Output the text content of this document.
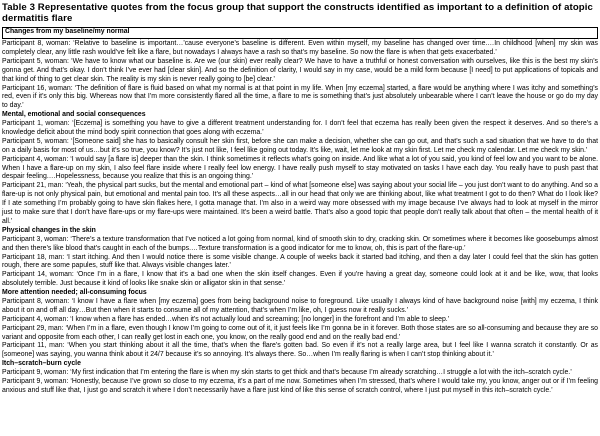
Table 3 Representative quotes from the focus group that support the constructs identified as important to a definition of atopic dermatitis flare
Changes from my baseline/my normal

Participant 8, woman: ‘Relative to baseline is important…’cause everyone’s baseline is different. Even within myself, my baseline has changed over time.…In childhood [when] my skin was completely clear, any little rash would’ve felt like a flare, but nowadays I always have a rash so that’s my baseline. So now the flare is when that gets exacerbated.’

Participant 5, woman: ‘We have to know what our baseline is. Are we (our skin) ever really clear? We have to have a truthful or honest conversation with ourselves, like this is the best my skin’s gonna get. And that’s okay. I don’t think I’ve ever had [clear skin]. And so the definition of clarity, I would say in my case, would be a mild form because [I need] to put applications of topicals and that kind of thing to get clear skin. The reality is my skin is never really going to [be] clear.’

Participant 16, woman: ‘The definition of flare is fluid based on what my normal is at that point in my life. When [my eczema] started, a flare would be anything where I was itchy and something’s red, even if it’s only this big. Whereas now that I’m more consistently flared all the time, a flare to me is something that’s just absolutely unbearable where I can’t leave the house or go do my day to day.’

Mental, emotional and social consequences

Participant 1, woman: ‘[Eczema] is something you have to give a different treatment understanding for. I don’t feel that eczema has really been given the respect it deserves. And so there’s a knowledge deficit about the mind body spirit connection that goes along with eczema.’

Participant 5, woman: ‘[Someone said] she has to basically consult her skin first, before she can make a decision, whether she can go out, and that’s such a sad situation that we have to do that on a daily basis for most of us…but it’s so true, you know? It’s just not like, I feel like going out today. It’s like, wait, let me look at my skin first. Let me check my calendar. Let me check my skin.’

Participant 4, woman: ‘I would say [a flare is] deeper than the skin. I think sometimes it reflects what’s going on inside. And like what a lot of you said, you kind of feel low and you want to be alone. When I have a flare-up on my skin, I also feel flare inside where I really feel low energy. I have really push myself to stay motivated on tasks I have each day. You really have to push past that despair feeling.…Hopelessness, because you realize that this is an ongoing thing.’

Participant 21, man: ‘Yeah, the physical part sucks, but the mental and emotional part – kind of what [someone else] was saying about your social life – you just don’t want to do anything. And so a flare-up is not only physical pain, but emotional and mental pain too. It’s all these aspects…all in our head that only we are thinking about, like what treatment I got to do then? What do I look like? If I ate something I’m probably going to have skin flakes here, I gotta manage that. I’m also in a weird way more obsessed with my image because I’ve always had to look at myself in the mirror just to make sure that I don’t have flare-ups or my flare-ups were maintained. It’s been a weird battle. That’s also a good topic that people don’t really talk about that often – the mental health of it all.’

Physical changes in the skin

Participant 3, woman: ‘There’s a texture transformation that I’ve noticed a lot going from normal, kind of smooth skin to dry, cracking skin. Or sometimes where it becomes like goosebumps almost and then there’s like blood that’s caught in each of the bumps.…Texture transformation is a good indicator for me to know, oh, this is part of the flare-up.’

Participant 18, man: ‘I start itching. And then I would notice there is some visible change. A couple of weeks back it started bad itching, and then a day later I could feel that the skin has gotten rough, there are some papules, stuff like that. Always visible changes later.’

Participant 14, woman: ‘Once I’m in a flare, I know that it’s a bad one when the skin itself changes. Even if you’re having a great day, someone could look at it and be like, wow, that looks absolutely terrible. Just because it kind of looks like snake skin or alligator skin in that sense.’

More attention needed; all-consuming focus

Participant 8, woman: ‘I know I have a flare when [my eczema] goes from being background noise to foreground. Like usually I always kind of have background noise [with] my eczema, I think about it on and off all day…But then when it starts to consume all of my attention, that’s when I’m like, oh, I guess now it really sucks.’

Participant 4, woman: ‘I know when a flare has ended…when it’s not actually loud and screaming; [no longer] in the forefront and I’m able to sleep.’

Participant 29, man: ‘When I’m in a flare, even though I know I’m going to come out of it, it just feels like I’m gonna be in it forever. Both those states are so all-consuming and because they are so variant and opposite from each other, I can really get lost in each one, you know, on the really good end and on the really bad end.’

Participant 11, man: ‘When you start thinking about it all the time, that’s when the flare’s gotten bad. So even if it’s not a really large area, but I feel like I wanna scratch it constantly. Or as [someone] was saying, you wanna think about it 24/7 because it’s so annoying. It’s always there. So…when I’m really flaring is when I can’t stop thinking about it.’

Itch–scratch–burn cycle

Participant 9, woman: ‘My first indication that I’m entering the flare is when my skin starts to get thick and that’s because I’m already scratching…I struggle a lot with the itch–scratch cycle.’

Participant 9, woman: ‘Honestly, because I’ve grown so close to my eczema, it’s a part of me now. Sometimes when I’m stressed, that’s where I would take my, you know, anger out or if I’m feeling anxious and stuff like that, I just go and scratch it where I don’t necessarily have a flare just kind of like this sense of scratch control, where I just put myself in this itch–scratch cycle.’
